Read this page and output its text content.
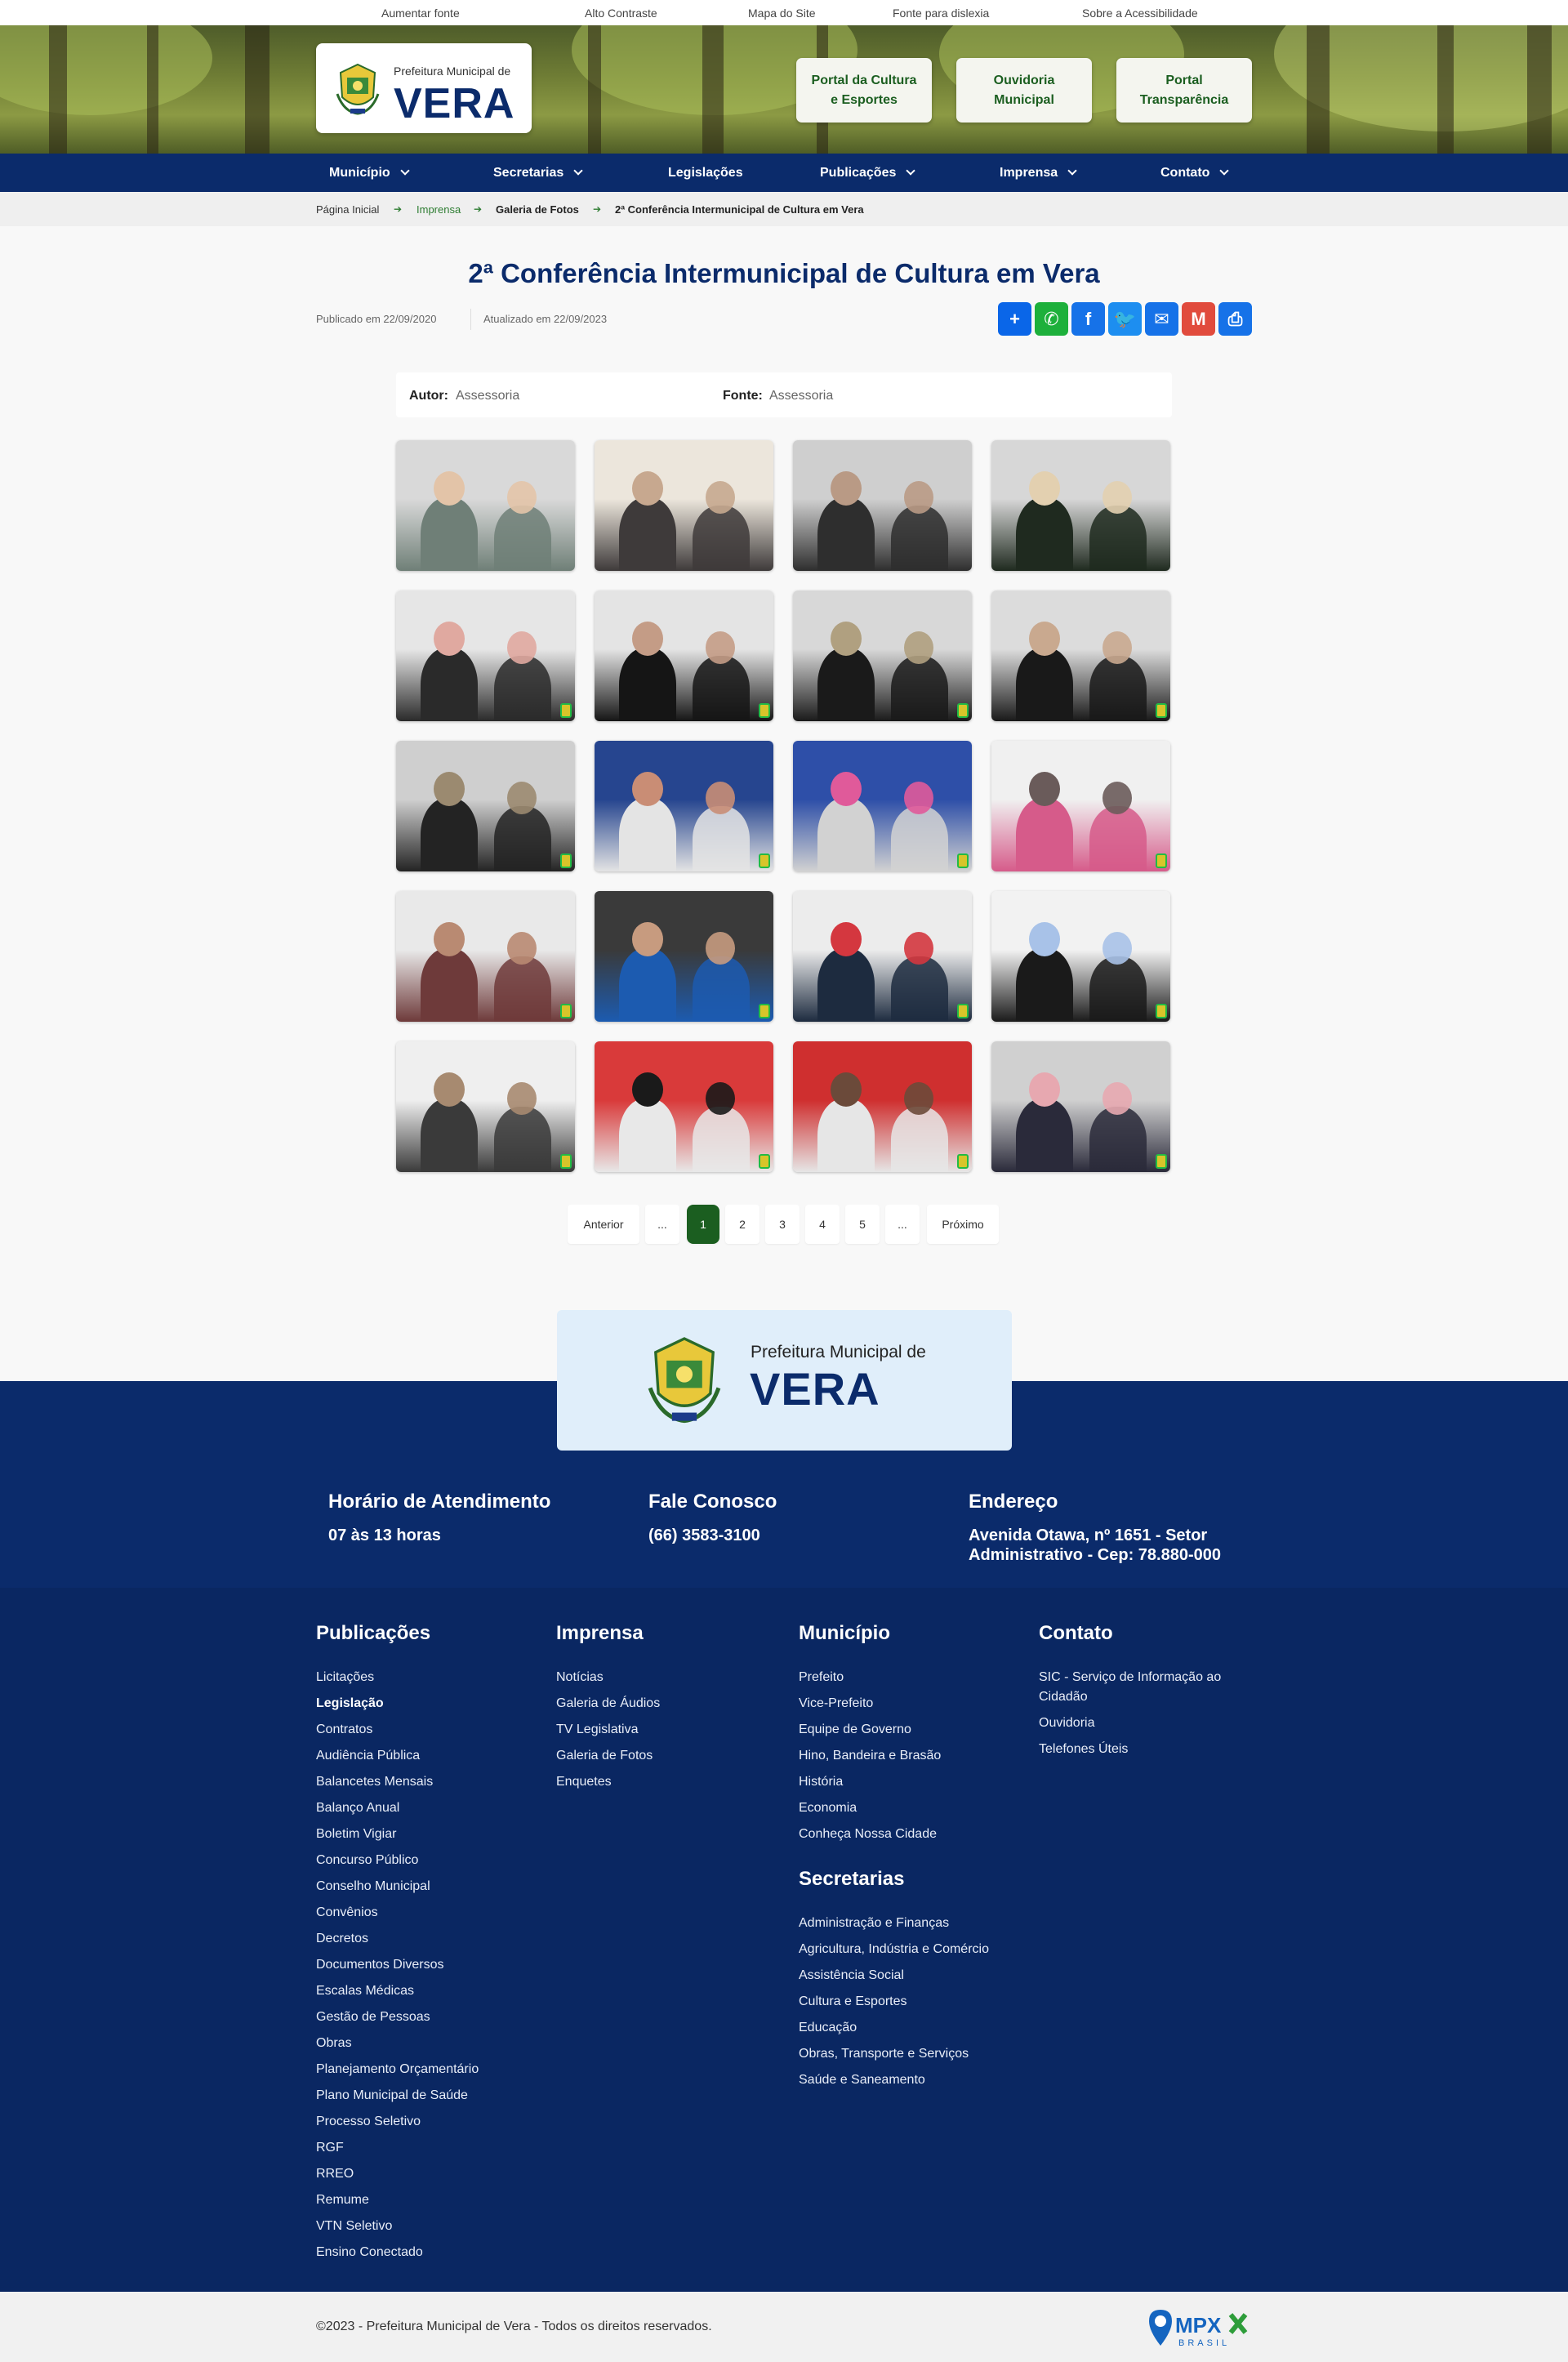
Aumentar fonte	Alto Contraste	Mapa do Site	Fonte para dislexia	Sobre a Acessibilidade
Prefeitura Municipal de
VERA	Portal da Cultura e Esportes
Ouvidoria Municipal
Portal Transparência
Município	Secretarias	Legislações	Publicações	Imprensa	Contato
Página Inicial ➔ Imprensa ➔ Galeria de Fotos ➔ 2ª Conferência Intermunicipal de Cultura em Vera
2ª Conferência Intermunicipal de Cultura em Vera
Publicado em 22/09/2020	Atualizado em 22/09/2023	+	✆	f	🐦	✉	M	⎙
Autor: Assessoria	Fonte: Assessoria
Anterior	...	1	2	3	4	5	...	Próximo
Horário de Atendimento
07 às 13 horas
Fale Conosco
(66) 3583-3100
Endereço
Avenida Otawa, nº 1651 - Setor Administrativo - Cep: 78.880-000
Prefeitura Municipal de
VERA
Publicações
Licitações
Legislação
Contratos
Audiência Pública
Balancetes Mensais
Balanço Anual
Boletim Vigiar
Concurso Público
Conselho Municipal
Convênios
Decretos
Documentos Diversos
Escalas Médicas
Gestão de Pessoas
Obras
Planejamento Orçamentário
Plano Municipal de Saúde
Processo Seletivo
RGF
RREO
Remume
VTN Seletivo
Ensino Conectado
Imprensa
Notícias
Galeria de Áudios
TV Legislativa
Galeria de Fotos
Enquetes
Município
Prefeito
Vice-Prefeito
Equipe de Governo
Hino, Bandeira e Brasão
História
Economia
Conheça Nossa Cidade
Secretarias
Administração e Finanças
Agricultura, Indústria e Comércio
Assistência Social
Cultura e Esportes
Educação
Obras, Transporte e Serviços
Saúde e Saneamento
Contato
SIC - Serviço de Informação ao Cidadão
Ouvidoria
Telefones Úteis
©2023 - Prefeitura Municipal de Vera - Todos os direitos reservados.	MPX
BRASIL
